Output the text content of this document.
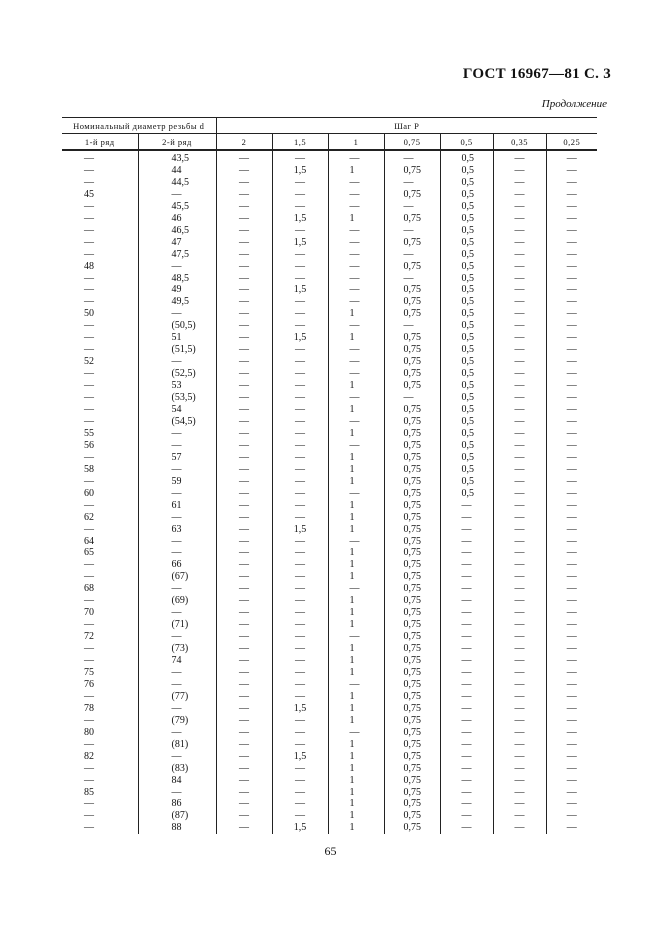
ГОСТ 16967—81 С. 3
Продолжение
Номинальный диаметр резьбы d		Шаг P						
1-й ряд	2-й ряд	2	1,5	1	0,75	0,5	0,35	0,25
—	43,5	—	—	—	—	0,5	—	—
—	44	—	1,5	1	0,75	0,5	—	—
—	44,5	—	—	—	—	0,5	—	—
45	—	—	—	—	0,75	0,5	—	—
—	45,5	—	—	—	—	0,5	—	—
—	46	—	1,5	1	0,75	0,5	—	—
—	46,5	—	—	—	—	0,5	—	—
—	47	—	1,5	—	0,75	0,5	—	—
—	47,5	—	—	—	—	0,5	—	—
48	—	—	—	—	0,75	0,5	—	—
—	48,5	—	—	—	—	0,5	—	—
—	49	—	1,5	—	0,75	0,5	—	—
—	49,5	—	—	—	0,75	0,5	—	—
50	—	—	—	1	0,75	0,5	—	—
—	(50,5)	—	—	—	—	0,5	—	—
—	51	—	1,5	1	0,75	0,5	—	—
—	(51,5)	—	—	—	0,75	0,5	—	—
52	—	—	—	—	0,75	0,5	—	—
—	(52,5)	—	—	—	0,75	0,5	—	—
—	53	—	—	1	0,75	0,5	—	—
—	(53,5)	—	—	—	—	0,5	—	—
—	54	—	—	1	0,75	0,5	—	—
—	(54,5)	—	—	—	0,75	0,5	—	—
55	—	—	—	1	0,75	0,5	—	—
56	—	—	—	—	0,75	0,5	—	—
—	57	—	—	1	0,75	0,5	—	—
58	—	—	—	1	0,75	0,5	—	—
—	59	—	—	1	0,75	0,5	—	—
60	—	—	—	—	0,75	0,5	—	—
—	61	—	—	1	0,75	—	—	—
62	—	—	—	1	0,75	—	—	—
—	63	—	1,5	1	0,75	—	—	—
64	—	—	—	—	0,75	—	—	—
65	—	—	—	1	0,75	—	—	—
—	66	—	—	1	0,75	—	—	—
—	(67)	—	—	1	0,75	—	—	—
68	—	—	—	—	0,75	—	—	—
—	(69)	—	—	1	0,75	—	—	—
70	—	—	—	1	0,75	—	—	—
—	(71)	—	—	1	0,75	—	—	—
72	—	—	—	—	0,75	—	—	—
—	(73)	—	—	1	0,75	—	—	—
—	74	—	—	1	0,75	—	—	—
75	—	—	—	1	0,75	—	—	—
76	—	—	—	—	0,75	—	—	—
—	(77)	—	—	1	0,75	—	—	—
78	—	—	1,5	1	0,75	—	—	—
—	(79)	—	—	1	0,75	—	—	—
80	—	—	—	—	0,75	—	—	—
—	(81)	—	—	1	0,75	—	—	—
82	—	—	1,5	1	0,75	—	—	—
—	(83)	—	—	1	0,75	—	—	—
—	84	—	—	1	0,75	—	—	—
85	—	—	—	1	0,75	—	—	—
—	86	—	—	1	0,75	—	—	—
—	(87)	—	—	1	0,75	—	—	—
—	88	—	1,5	1	0,75	—	—	—
65
